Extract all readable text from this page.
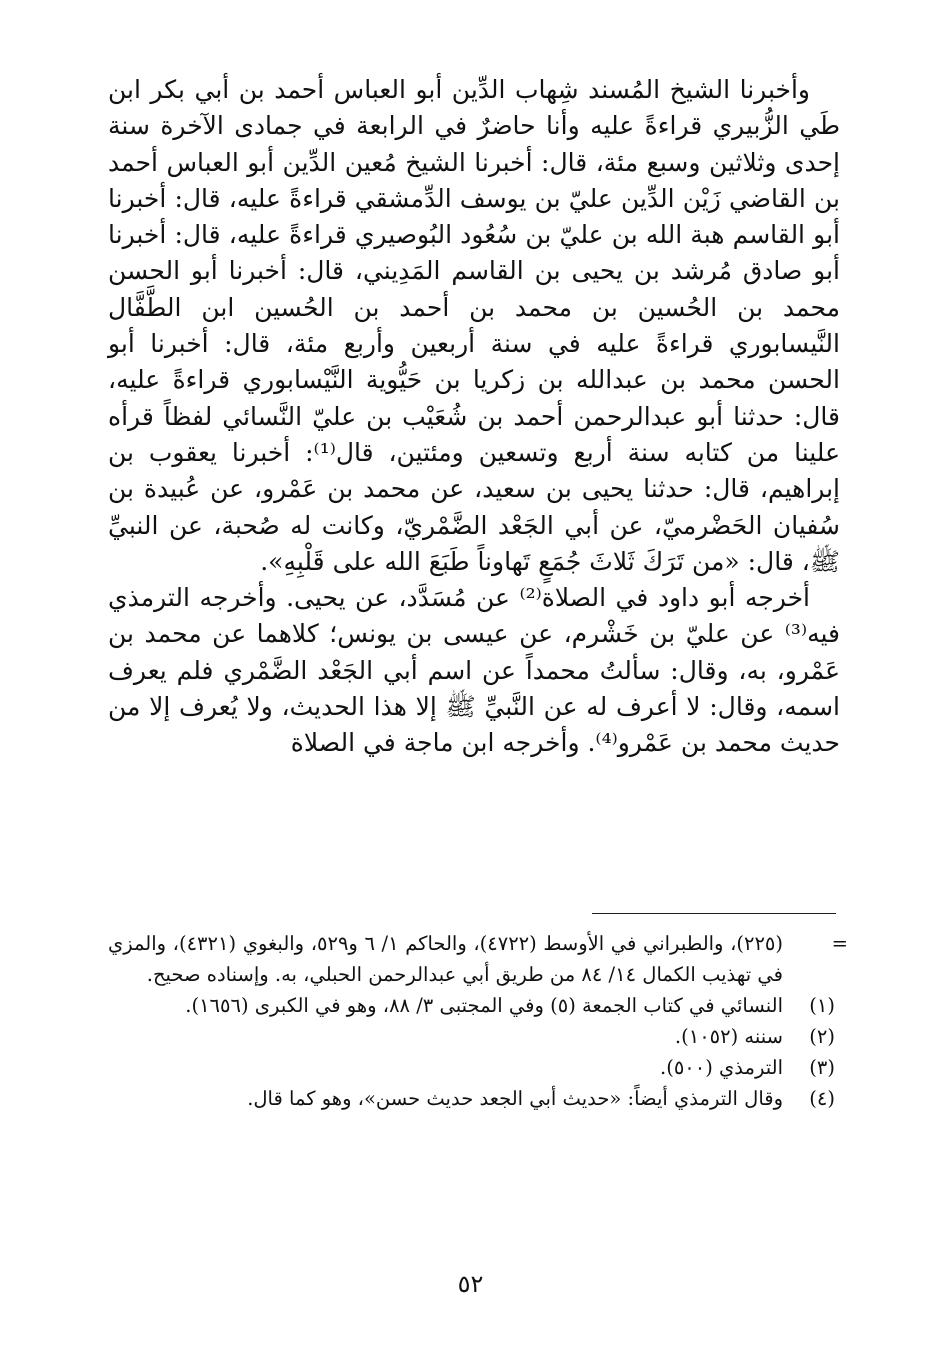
وأخبرنا الشيخ المُسند شِهاب الدِّين أبو العباس أحمد بن أبي بكر ابن طَي الزُّبيري قراءةً عليه وأنا حاضرٌ في الرابعة في جمادى الآخرة سنة إحدى وثلاثين وسبع مئة، قال: أخبرنا الشيخ مُعين الدِّين أبو العباس أحمد بن القاضي زَيْن الدِّين عليّ بن يوسف الدِّمشقي قراءةً عليه، قال: أخبرنا أبو القاسم هبة الله بن عليّ بن سُعُود البُوصيري قراءةً عليه، قال: أخبرنا أبو صادق مُرشد بن يحيى بن القاسم المَدِيني، قال: أخبرنا أبو الحسن محمد بن الحُسين بن محمد بن أحمد بن الحُسين ابن الطَّفَّال النَّيسابوري قراءةً عليه في سنة أربعين وأربع مئة، قال: أخبرنا أبو الحسن محمد بن عبدالله بن زكريا بن حَيُّوية النَّيْسابوري قراءةً عليه، قال: حدثنا أبو عبدالرحمن أحمد بن شُعَيْب بن عليّ النَّسائي لفظاً قرأه علينا من كتابه سنة أربع وتسعين ومئتين، قال⁽¹⁾: أخبرنا يعقوب بن إبراهيم، قال: حدثنا يحيى بن سعيد، عن محمد بن عَمْرو، عن عُبيدة بن سُفيان الحَضْرميّ، عن أبي الجَعْد الضَّمْريّ، وكانت له صُحبة، عن النبيِّ ﷺ، قال: «من تَرَكَ ثَلاثَ جُمَعٍ تَهاوناً طَبَعَ الله على قَلْبِهِ».

أخرجه أبو داود في الصلاة⁽²⁾ عن مُسَدَّد، عن يحيى. وأخرجه الترمذي فيه⁽³⁾ عن عليّ بن خَشْرم، عن عيسى بن يونس؛ كلاهما عن محمد بن عَمْرو، به، وقال: سألتُ محمداً عن اسم أبي الجَعْد الضَّمْري فلم يعرف اسمه، وقال: لا أعرف له عن النَّبيِّ ﷺ إلا هذا الحديث، ولا يُعرف إلا من حديث محمد بن عَمْرو⁽⁴⁾. وأخرجه ابن ماجة في الصلاة

=
(٢٢٥)، والطبراني في الأوسط (٤٧٢٢)، والحاكم ١/ ٦ و٥٢٩، والبغوي (٤٣٢١)، والمزي في تهذيب الكمال ١٤/ ٨٤ من طريق أبي عبدالرحمن الحبلي، به. وإسناده صحيح.
(١)
النسائي في كتاب الجمعة (٥) وفي المجتبى ٣/ ٨٨، وهو في الكبرى (١٦٥٦).
(٢)
سننه (١٠٥٢).
(٣)
الترمذي (٥٠٠).
(٤)
وقال الترمذي أيضاً: «حديث أبي الجعد حديث حسن»، وهو كما قال.
٥٢
